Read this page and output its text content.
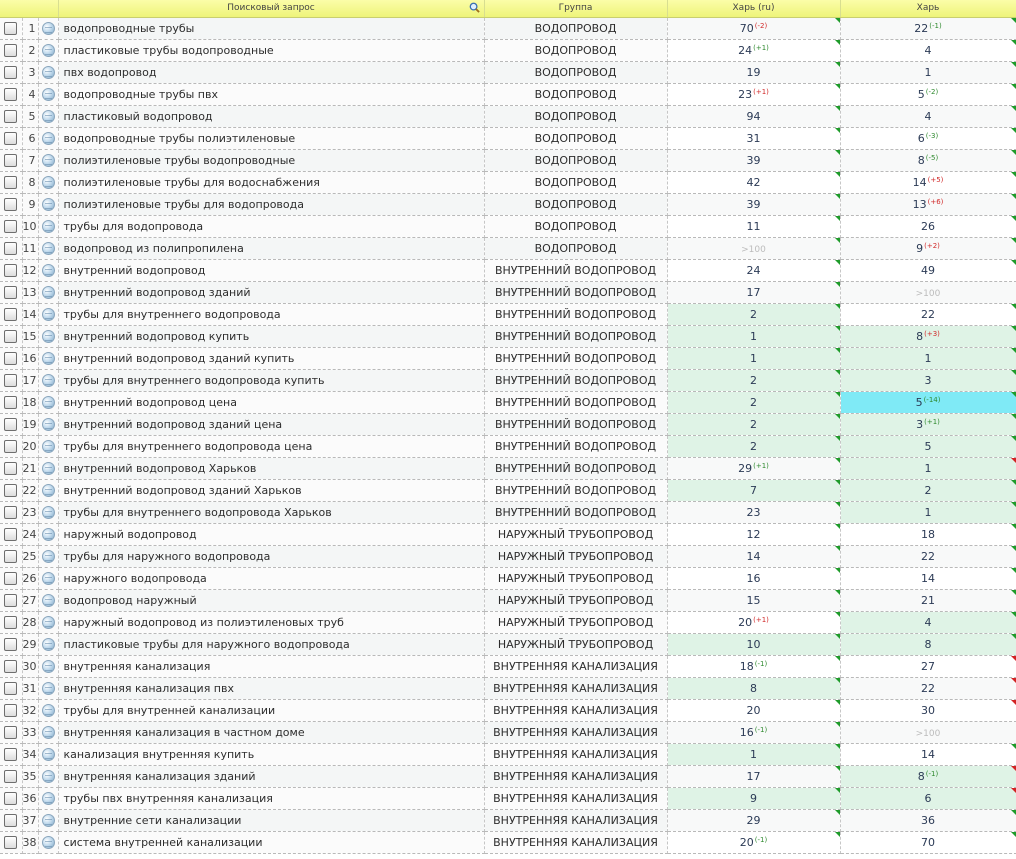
			Поисковый запрос	Группа	Харь (ru)	Харь
	1		водопроводные трубы	ВОДОПРОВОД	$70^{(-2)}$	$22^{(-1)}$

	2		пластиковые трубы водопроводные	ВОДОПРОВОД	$24^{(+1)}$	4

	3		пвх водопровод	ВОДОПРОВОД	19	1

	4		водопроводные трубы пвх	ВОДОПРОВОД	$23^{(+1)}$	$5^{(-2)}$

	5		пластиковый водопровод	ВОДОПРОВОД	94	4

	6		водопроводные трубы полиэтиленовые	ВОДОПРОВОД	31	$6^{(-3)}$

	7		полиэтиленовые трубы водопроводные	ВОДОПРОВОД	39	$8^{(-5)}$

	8		полиэтиленовые трубы для водоснабжения	ВОДОПРОВОД	42	$14^{(+5)}$

	9		полиэтиленовые трубы для водопровода	ВОДОПРОВОД	39	$13^{(+6)}$

	10		трубы для водопровода	ВОДОПРОВОД	11	26

	11		водопровод из полипропилена	ВОДОПРОВОД	>100	$9^{(+2)}$

	12		внутренний водопровод	ВНУТРЕННИЙ ВОДОПРОВОД	24	49

	13		внутренний водопровод зданий	ВНУТРЕННИЙ ВОДОПРОВОД	17	>100
	14		трубы для внутреннего водопровода	ВНУТРЕННИЙ ВОДОПРОВОД	2	22

	15		внутренний водопровод купить	ВНУТРЕННИЙ ВОДОПРОВОД	1	$8^{(+3)}$

	16		внутренний водопровод зданий купить	ВНУТРЕННИЙ ВОДОПРОВОД	1	1

	17		трубы для внутреннего водопровода купить	ВНУТРЕННИЙ ВОДОПРОВОД	2	3

	18		внутренний водопровод цена	ВНУТРЕННИЙ ВОДОПРОВОД	2	$5^{(-14)}$

	19		внутренний водопровод зданий цена	ВНУТРЕННИЙ ВОДОПРОВОД	2	$3^{(+1)}$

	20		трубы для внутреннего водопровода цена	ВНУТРЕННИЙ ВОДОПРОВОД	2	5

	21		внутренний водопровод Харьков	ВНУТРЕННИЙ ВОДОПРОВОД	$29^{(+1)}$	1

	22		внутренний водопровод зданий Харьков	ВНУТРЕННИЙ ВОДОПРОВОД	7	2

	23		трубы для внутреннего водопровода Харьков	ВНУТРЕННИЙ ВОДОПРОВОД	23	1

	24		наружный водопровод	НАРУЖНЫЙ ТРУБОПРОВОД	12	18

	25		трубы для наружного водопровода	НАРУЖНЫЙ ТРУБОПРОВОД	14	22

	26		наружного водопровода	НАРУЖНЫЙ ТРУБОПРОВОД	16	14

	27		водопровод наружный	НАРУЖНЫЙ ТРУБОПРОВОД	15	21

	28		наружный водопровод из полиэтиленовых труб	НАРУЖНЫЙ ТРУБОПРОВОД	$20^{(+1)}$	4

	29		пластиковые трубы для наружного водопровода	НАРУЖНЫЙ ТРУБОПРОВОД	10	8

	30		внутренняя канализация	ВНУТРЕННЯЯ КАНАЛИЗАЦИЯ	$18^{(-1)}$	27

	31		внутренняя канализация пвх	ВНУТРЕННЯЯ КАНАЛИЗАЦИЯ	8	22

	32		трубы для внутренней канализации	ВНУТРЕННЯЯ КАНАЛИЗАЦИЯ	20	30

	33		внутренняя канализация в частном доме	ВНУТРЕННЯЯ КАНАЛИЗАЦИЯ	$16^{(-1)}$	>100
	34		канализация внутренняя купить	ВНУТРЕННЯЯ КАНАЛИЗАЦИЯ	1	14

	35		внутренняя канализация зданий	ВНУТРЕННЯЯ КАНАЛИЗАЦИЯ	17	$8^{(-1)}$

	36		трубы пвх внутренняя канализация	ВНУТРЕННЯЯ КАНАЛИЗАЦИЯ	9	6

	37		внутренние сети канализации	ВНУТРЕННЯЯ КАНАЛИЗАЦИЯ	29	36

	38		система внутренней канализации	ВНУТРЕННЯЯ КАНАЛИЗАЦИЯ	$20^{(-1)}$	70
